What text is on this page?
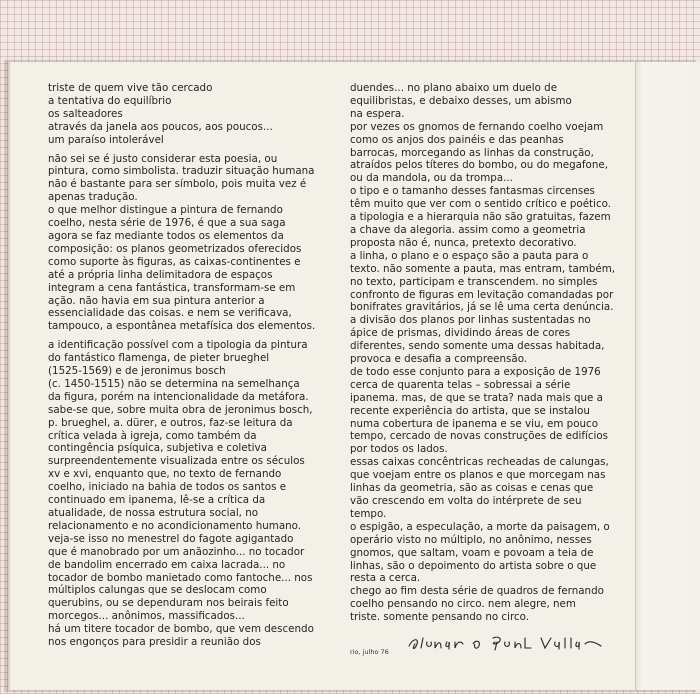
triste de quem vive tão cercado
a tentativa do equilíbrio
os salteadores
através da janela aos poucos, aos poucos...
um paraíso intolerável
não sei se é justo considerar esta poesia, ou
pintura, como simbolista. traduzir situação humana
não é bastante para ser símbolo, pois muita vez é
apenas tradução.
o que melhor distingue a pintura de fernando
coelho, nesta série de 1976, é que a sua saga
agora se faz mediante todos os elementos da
composição: os planos geometrizados oferecidos
como suporte às figuras, as caixas-continentes e
até a própria linha delimitadora de espaços
integram a cena fantástica, transformam-se em
ação. não havia em sua pintura anterior a
essencialidade das coisas. e nem se verificava,
tampouco, a espontânea metafísica dos elementos.
a identificação possível com a tipologia da pintura
do fantástico flamenga, de pieter brueghel
(1525-1569) e de jeronimus bosch
(c. 1450-1515) não se determina na semelhança
da figura, porém na intencionalidade da metáfora.
sabe-se que, sobre muita obra de jeronimus bosch,
p. brueghel, a. dürer, e outros, faz-se leitura da
crítica velada à igreja, como também da
contingência psíquica, subjetiva e coletiva
surpreendentemente visualizada entre os séculos
xv e xvi, enquanto que, no texto de fernando
coelho, iniciado na bahia de todos os santos e
continuado em ipanema, lê-se a crítica da
atualidade, de nossa estrutura social, no
relacionamento e no acondicionamento humano.
veja-se isso no menestrel do fagote agigantado
que é manobrado por um anãozinho... no tocador
de bandolim encerrado em caixa lacrada... no
tocador de bombo manietado como fantoche... nos
múltiplos calungas que se deslocam como
querubins, ou se dependuram nos beirais feito
morcegos... anônimos, massificados...
há um titere tocador de bombo, que vem descendo
nos engonços para presidir a reunião dos
duendes... no plano abaixo um duelo de
equilibristas, e debaixo desses, um abismo
na espera.
por vezes os gnomos de fernando coelho voejam
como os anjos dos painéis e das peanhas
barrocas, morcegando as linhas da construção,
atraídos pelos títeres do bombo, ou do megafone,
ou da mandola, ou da trompa...
o tipo e o tamanho desses fantasmas circenses
têm muito que ver com o sentido crítico e poético.
a tipologia e a hierarquia não são gratuitas, fazem
a chave da alegoria. assim como a geometria
proposta não é, nunca, pretexto decorativo.
a linha, o plano e o espaço são a pauta para o
texto. não somente a pauta, mas entram, também,
no texto, participam e transcendem. no simples
confronto de figuras em levitação comandadas por
bonifrates gravitários, já se lê uma certa denúncia.
a divisão dos planos por linhas sustentadas no
ápice de prismas, dividindo áreas de cores
diferentes, sendo somente uma dessas habitada,
provoca e desafia a compreensão.
de todo esse conjunto para a exposição de 1976
cerca de quarenta telas – sobressai a série
ipanema. mas, de que se trata? nada mais que a
recente experiência do artista, que se instalou
numa cobertura de ipanema e se viu, em pouco
tempo, cercado de novas construções de edifícios
por todos os lados.
essas caixas concêntricas recheadas de calungas,
que voejam entre os planos e que morcegam nas
linhas da geometria, são as coisas e cenas que
vão crescendo em volta do intérprete de seu
tempo.
o espigão, a especulação, a morte da paisagem, o
operário visto no múltiplo, no anônimo, nesses
gnomos, que saltam, voam e povoam a teia de
linhas, são o depoimento do artista sobre o que
resta a cerca.
chego ao fim desta série de quadros de fernando
coelho pensando no circo. nem alegre, nem
triste. somente pensando no circo.
rio, julho 76
